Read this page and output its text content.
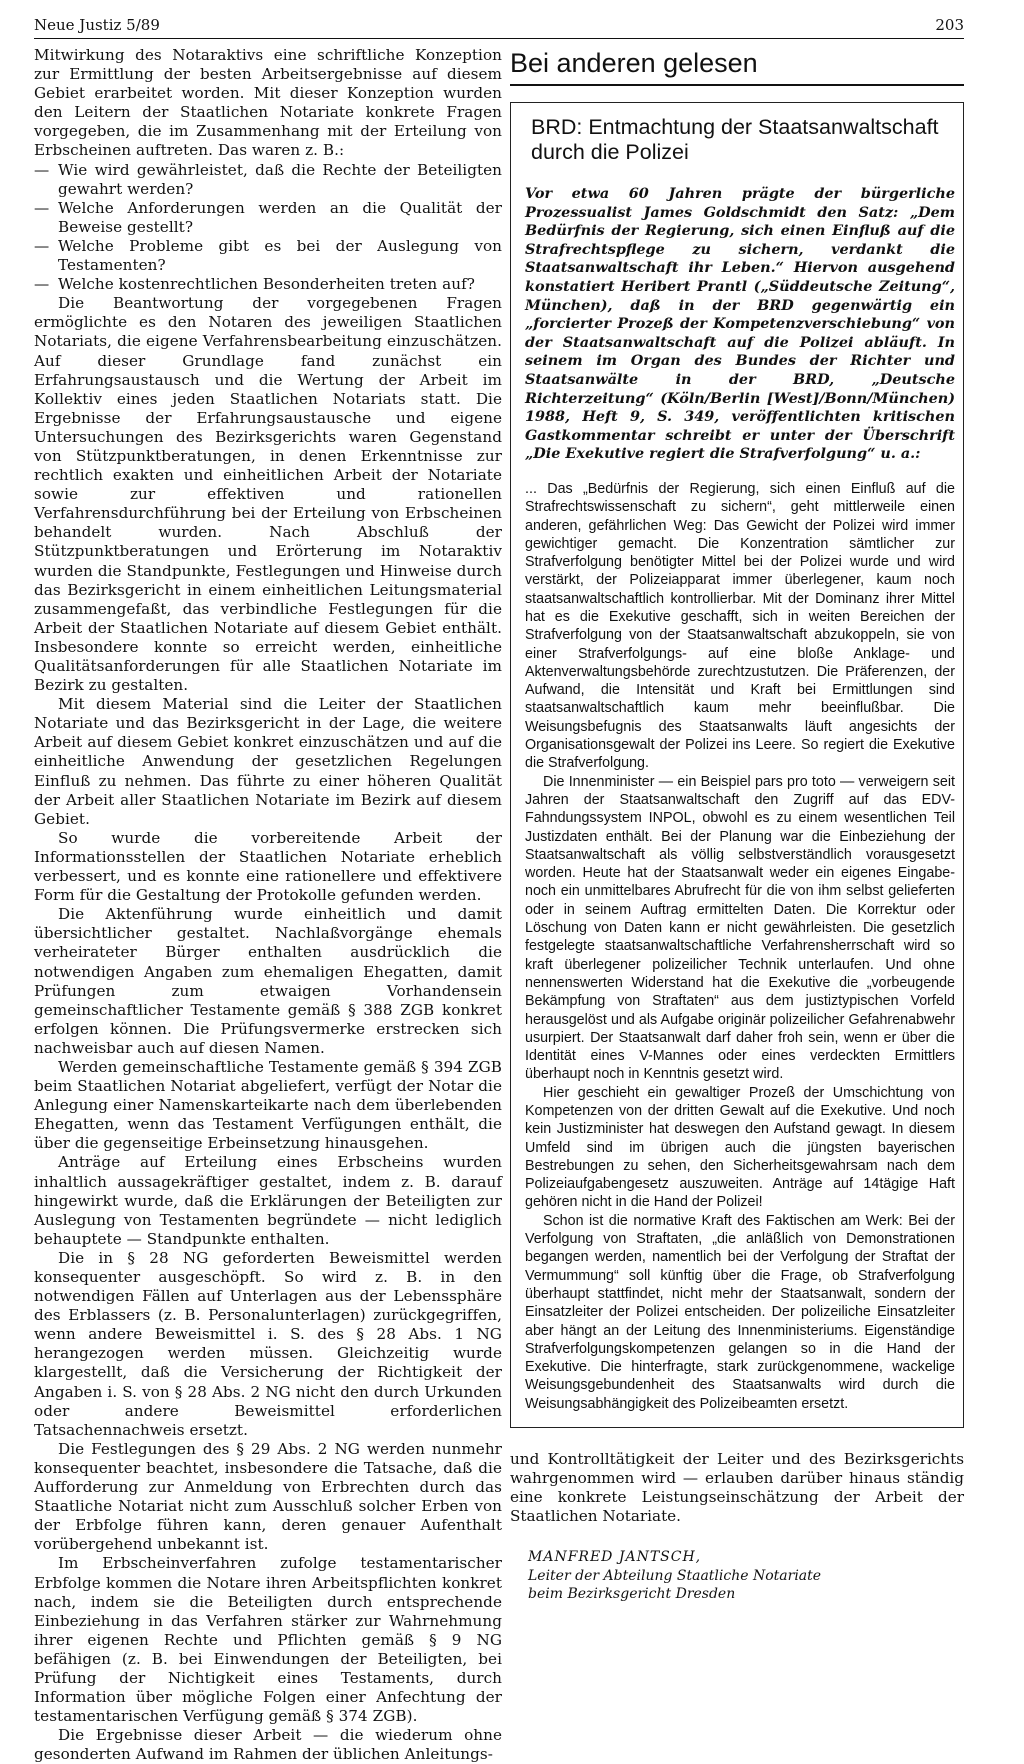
Neue Justiz 5/89	203

Mitwirkung des Notaraktivs eine schriftliche Konzeption zur Ermittlung der besten Arbeitsergebnisse auf diesem Gebiet erarbeitet worden. Mit dieser Konzeption wurden den Leitern der Staatlichen Notariate konkrete Fragen vorgegeben, die im Zusammenhang mit der Erteilung von Erbscheinen auftreten. Das waren z. B.:

— Wie wird gewährleistet, daß die Rechte der Beteiligten gewahrt werden?
— Welche Anforderungen werden an die Qualität der Beweise gestellt?
— Welche Probleme gibt es bei der Auslegung von Testamenten?
— Welche kostenrechtlichen Besonderheiten treten auf?

Die Beantwortung der vorgegebenen Fragen ermöglichte es den Notaren des jeweiligen Staatlichen Notariats, die eigene Verfahrensbearbeitung einzuschätzen. Auf dieser Grundlage fand zunächst ein Erfahrungsaustausch und die Wertung der Arbeit im Kollektiv eines jeden Staatlichen Notariats statt. Die Ergebnisse der Erfahrungsaustausche und eigene Untersuchungen des Bezirksgerichts waren Gegenstand von Stützpunktberatungen, in denen Erkenntnisse zur rechtlich exakten und einheitlichen Arbeit der Notariate sowie zur effektiven und rationellen Verfahrensdurchführung bei der Erteilung von Erbscheinen behandelt wurden. Nach Abschluß der Stützpunktberatungen und Erörterung im Notaraktiv wurden die Standpunkte, Festlegungen und Hinweise durch das Bezirksgericht in einem einheitlichen Leitungsmaterial zusammengefaßt, das verbindliche Festlegungen für die Arbeit der Staatlichen Notariate auf diesem Gebiet enthält. Insbesondere konnte so erreicht werden, einheitliche Qualitätsanforderungen für alle Staatlichen Notariate im Bezirk zu gestalten.

Mit diesem Material sind die Leiter der Staatlichen Notariate und das Bezirksgericht in der Lage, die weitere Arbeit auf diesem Gebiet konkret einzuschätzen und auf die einheitliche Anwendung der gesetzlichen Regelungen Einfluß zu nehmen. Das führte zu einer höheren Qualität der Arbeit aller Staatlichen Notariate im Bezirk auf diesem Gebiet.

So wurde die vorbereitende Arbeit der Informationsstellen der Staatlichen Notariate erheblich verbessert, und es konnte eine rationellere und effektivere Form für die Gestaltung der Protokolle gefunden werden.

Die Aktenführung wurde einheitlich und damit übersichtlicher gestaltet. Nachlaßvorgänge ehemals verheirateter Bürger enthalten ausdrücklich die notwendigen Angaben zum ehemaligen Ehegatten, damit Prüfungen zum etwaigen Vorhandensein gemeinschaftlicher Testamente gemäß § 388 ZGB konkret erfolgen können. Die Prüfungsvermerke erstrecken sich nachweisbar auch auf diesen Namen.

Werden gemeinschaftliche Testamente gemäß § 394 ZGB beim Staatlichen Notariat abgeliefert, verfügt der Notar die Anlegung einer Namenskarteikarte nach dem überlebenden Ehegatten, wenn das Testament Verfügungen enthält, die über die gegenseitige Erbeinsetzung hinausgehen.

Anträge auf Erteilung eines Erbscheins wurden inhaltlich aussagekräftiger gestaltet, indem z. B. darauf hingewirkt wurde, daß die Erklärungen der Beteiligten zur Auslegung von Testamenten begründete — nicht lediglich behauptete — Standpunkte enthalten.

Die in § 28 NG geforderten Beweismittel werden konsequenter ausgeschöpft. So wird z. B. in den notwendigen Fällen auf Unterlagen aus der Lebenssphäre des Erblassers (z. B. Personalunterlagen) zurückgegriffen, wenn andere Beweismittel i. S. des § 28 Abs. 1 NG herangezogen werden müssen. Gleichzeitig wurde klargestellt, daß die Versicherung der Richtigkeit der Angaben i. S. von § 28 Abs. 2 NG nicht den durch Urkunden oder andere Beweismittel erforderlichen Tatsachennachweis ersetzt.

Die Festlegungen des § 29 Abs. 2 NG werden nunmehr konsequenter beachtet, insbesondere die Tatsache, daß die Aufforderung zur Anmeldung von Erbrechten durch das Staatliche Notariat nicht zum Ausschluß solcher Erben von der Erbfolge führen kann, deren genauer Aufenthalt vorübergehend unbekannt ist.

Im Erbscheinverfahren zufolge testamentarischer Erbfolge kommen die Notare ihren Arbeitspflichten konkret nach, indem sie die Beteiligten durch entsprechende Einbeziehung in das Verfahren stärker zur Wahrnehmung ihrer eigenen Rechte und Pflichten gemäß § 9 NG befähigen (z. B. bei Einwendungen der Beteiligten, bei Prüfung der Nichtigkeit eines Testaments, durch Information über mögliche Folgen einer Anfechtung der testamentarischen Verfügung gemäß § 374 ZGB).

Die Ergebnisse dieser Arbeit — die wiederum ohne gesonderten Aufwand im Rahmen der üblichen Anleitungs-

Bei anderen gelesen
BRD: Entmachtung der Staatsanwaltschaft
durch die Polizei

Vor etwa 60 Jahren prägte der bürgerliche Prozessualist James Goldschmidt den Satz: „Dem Bedürfnis der Regierung, sich einen Einfluß auf die Strafrechtspflege zu sichern, verdankt die Staatsanwaltschaft ihr Leben.“ Hiervon ausgehend konstatiert Heribert Prantl („Süddeutsche Zeitung“, München), daß in der BRD gegenwärtig ein „forcierter Prozeß der Kompetenzverschiebung“ von der Staatsanwaltschaft auf die Polizei abläuft. In seinem im Organ des Bundes der Richter und Staatsanwälte in der BRD, „Deutsche Richterzeitung“ (Köln/Berlin [West]/Bonn/München) 1988, Heft 9, S. 349, veröffentlichten kritischen Gastkommentar schreibt er unter der Überschrift „Die Exekutive regiert die Strafverfolgung“ u. a.:

... Das „Bedürfnis der Regierung, sich einen Einfluß auf die Strafrechtswissenschaft zu sichern“, geht mittlerweile einen anderen, gefährlichen Weg: Das Gewicht der Polizei wird immer gewichtiger gemacht. Die Konzentration sämtlicher zur Strafverfolgung benötigter Mittel bei der Polizei wurde und wird verstärkt, der Polizeiapparat immer überlegener, kaum noch staatsanwaltschaftlich kontrollierbar. Mit der Dominanz ihrer Mittel hat es die Exekutive geschafft, sich in weiten Bereichen der Strafverfolgung von der Staatsanwaltschaft abzukoppeln, sie von einer Strafverfolgungs- auf eine bloße Anklage- und Aktenverwaltungsbehörde zurechtzustutzen. Die Präferenzen, der Aufwand, die Intensität und Kraft bei Ermittlungen sind staatsanwaltschaftlich kaum mehr beeinflußbar. Die Weisungsbefugnis des Staatsanwalts läuft angesichts der Organisationsgewalt der Polizei ins Leere. So regiert die Exekutive die Strafverfolgung.

Die Innenminister — ein Beispiel pars pro toto — verweigern seit Jahren der Staatsanwaltschaft den Zugriff auf das EDV-Fahndungssystem INPOL, obwohl es zu einem wesentlichen Teil Justizdaten enthält. Bei der Planung war die Einbeziehung der Staatsanwaltschaft als völlig selbstverständlich vorausgesetzt worden. Heute hat der Staatsanwalt weder ein eigenes Eingabe- noch ein unmittelbares Abrufrecht für die von ihm selbst gelieferten oder in seinem Auftrag ermittelten Daten. Die Korrektur oder Löschung von Daten kann er nicht gewährleisten. Die gesetzlich festgelegte staatsanwaltschaftliche Verfahrensherrschaft wird so kraft überlegener polizeilicher Technik unterlaufen. Und ohne nennenswerten Widerstand hat die Exekutive die „vorbeugende Bekämpfung von Straftaten“ aus dem justiztypischen Vorfeld herausgelöst und als Aufgabe originär polizeilicher Gefahrenabwehr usurpiert. Der Staatsanwalt darf daher froh sein, wenn er über die Identität eines V-Mannes oder eines verdeckten Ermittlers überhaupt noch in Kenntnis gesetzt wird.

Hier geschieht ein gewaltiger Prozeß der Umschichtung von Kompetenzen von der dritten Gewalt auf die Exekutive. Und noch kein Justizminister hat deswegen den Aufstand gewagt. In diesem Umfeld sind im übrigen auch die jüngsten bayerischen Bestrebungen zu sehen, den Sicherheitsgewahrsam nach dem Polizeiaufgabengesetz auszuweiten. Anträge auf 14tägige Haft gehören nicht in die Hand der Polizei!

Schon ist die normative Kraft des Faktischen am Werk: Bei der Verfolgung von Straftaten, „die anläßlich von Demonstrationen begangen werden, namentlich bei der Verfolgung der Straftat der Vermummung“ soll künftig über die Frage, ob Strafverfolgung überhaupt stattfindet, nicht mehr der Staatsanwalt, sondern der Einsatzleiter der Polizei entscheiden. Der polizeiliche Einsatzleiter aber hängt an der Leitung des Innenministeriums. Eigenständige Strafverfolgungskompetenzen gelangen so in die Hand der Exekutive. Die hinterfragte, stark zurückgenommene, wackelige Weisungsgebundenheit des Staatsanwalts wird durch die Weisungsabhängigkeit des Polizeibeamten ersetzt.

und Kontrolltätigkeit der Leiter und des Bezirksgerichts wahrgenommen wird — erlauben darüber hinaus ständig eine konkrete Leistungseinschätzung der Arbeit der Staatlichen Notariate.

MANFRED JANTSCH,
Leiter der Abteilung Staatliche Notariate
beim Bezirksgericht Dresden
